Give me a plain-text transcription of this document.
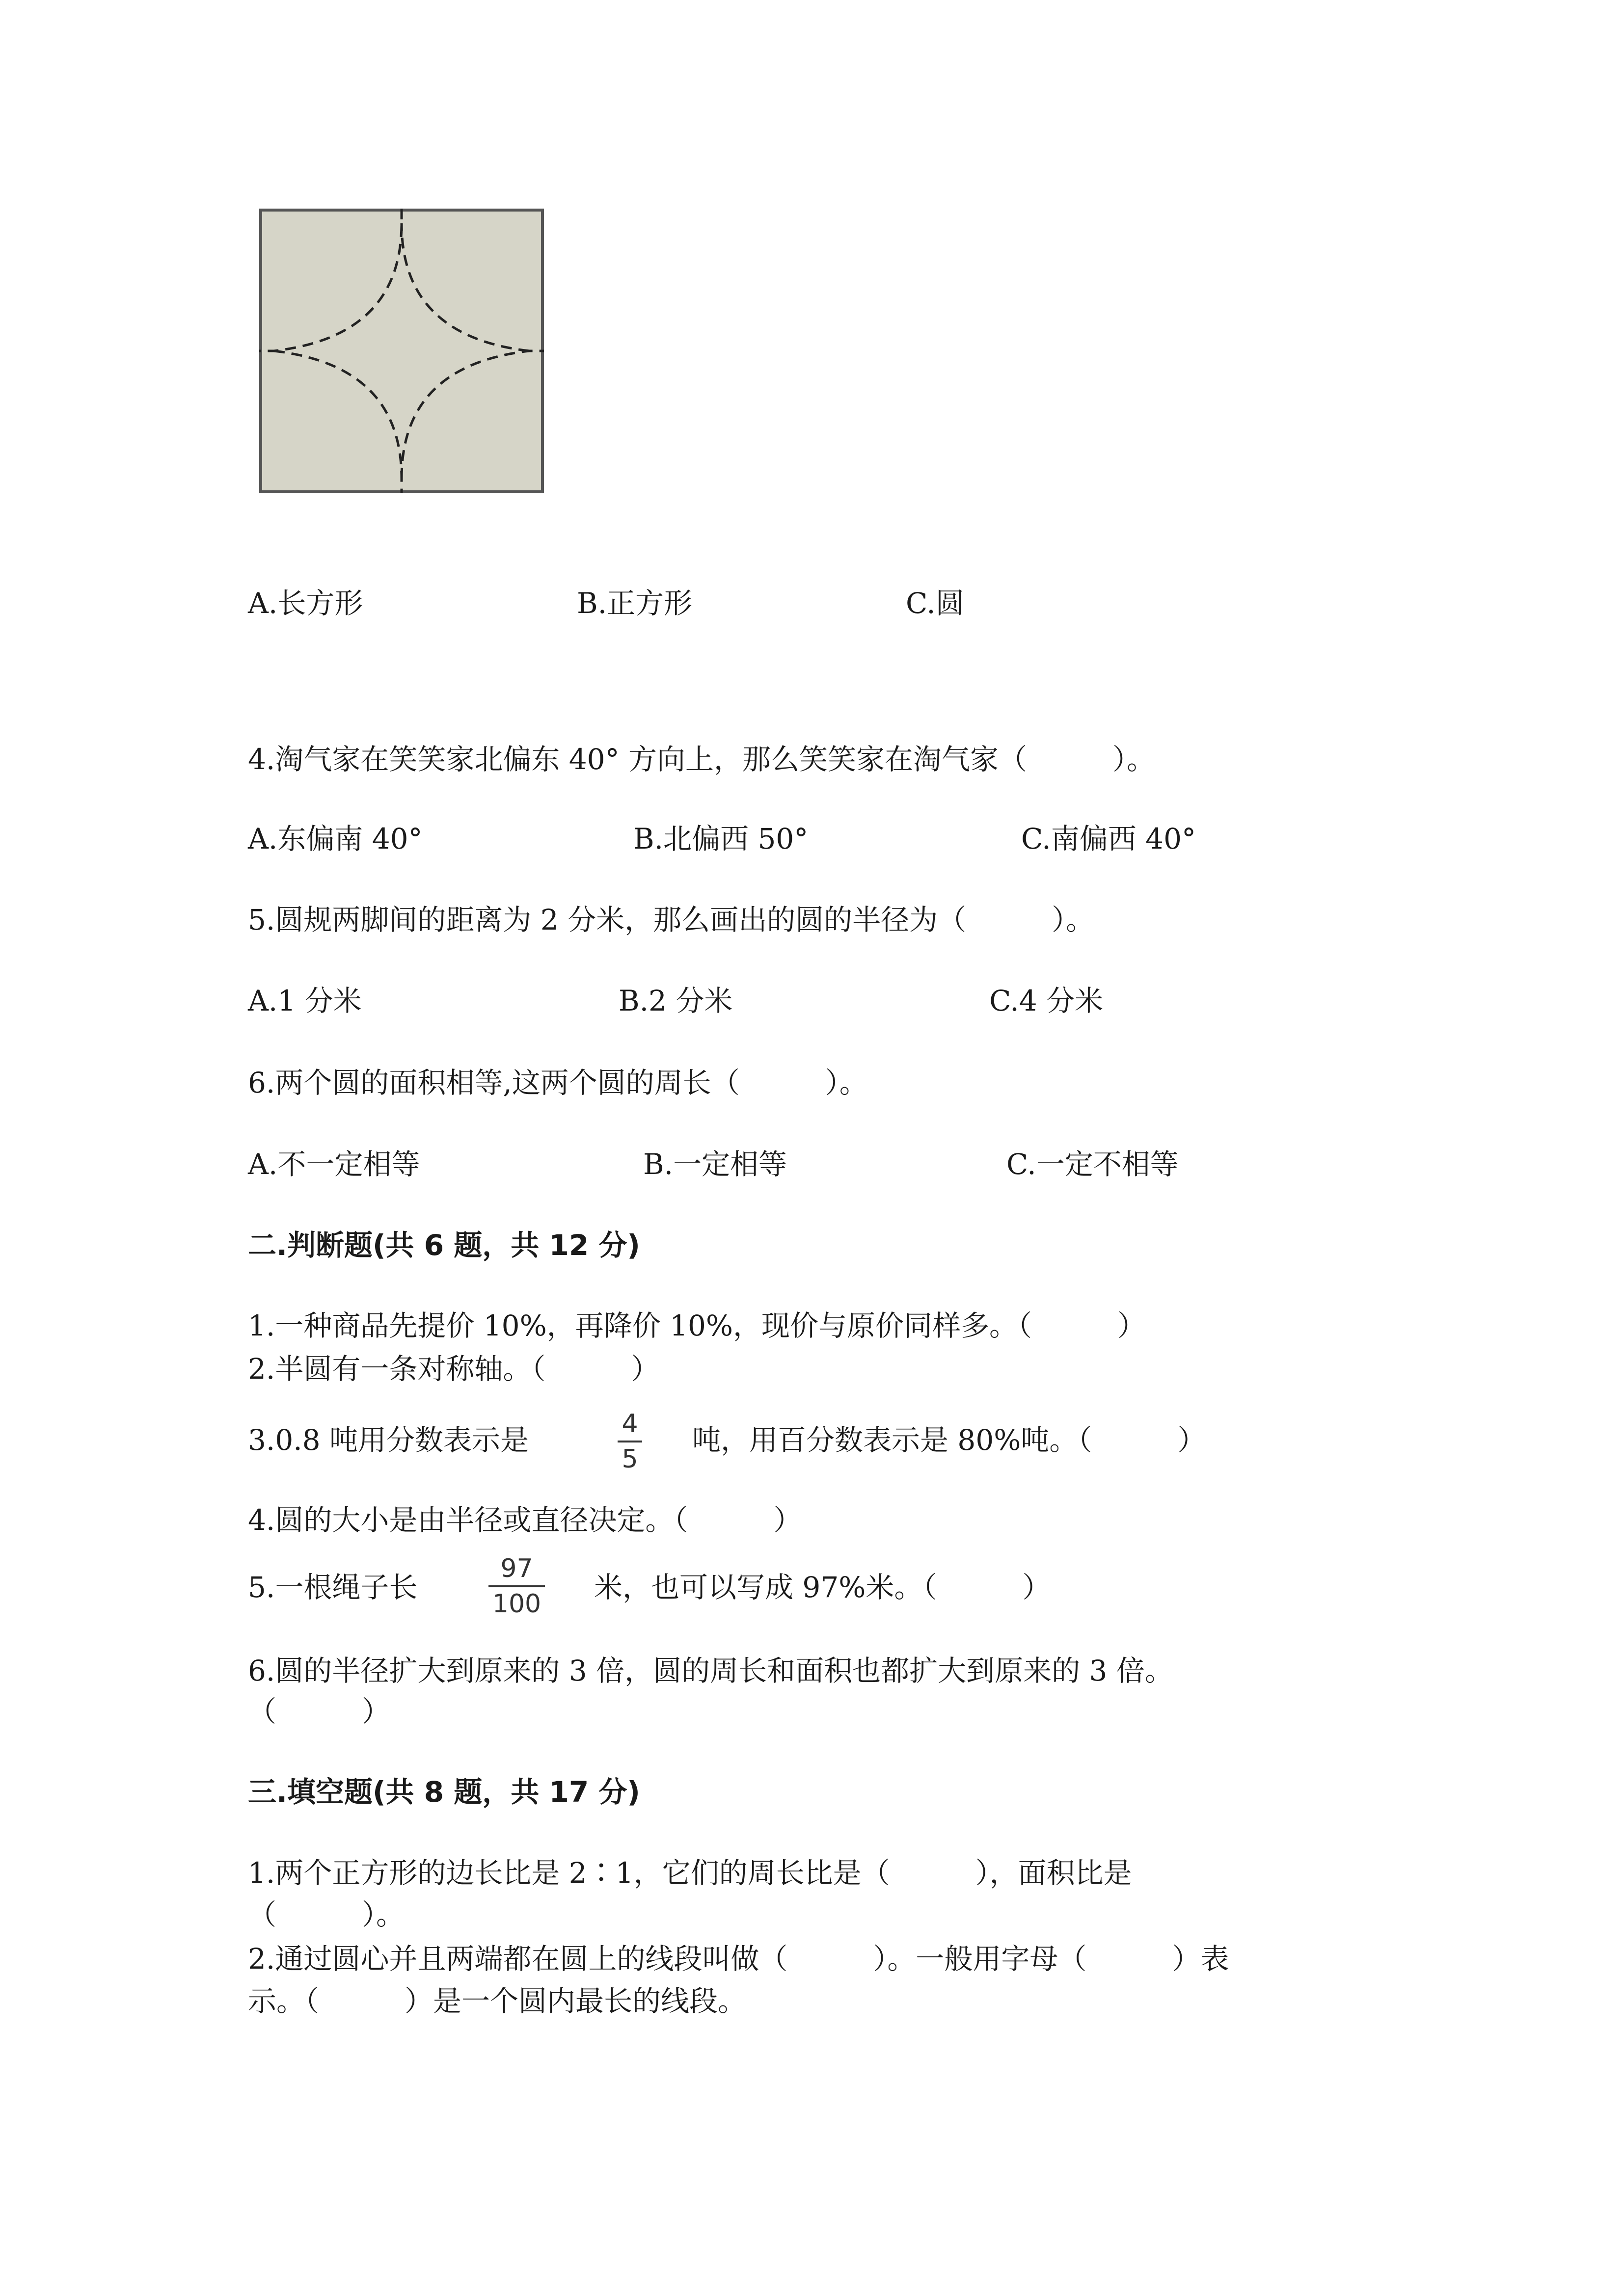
A.长方形	B.正方形	C.圆
4.淘气家在笑笑家北偏东 40° 方向上，那么笑笑家在淘气家（　　　）。
A.东偏南 40°	B.北偏西 50°	C.南偏西 40°
5.圆规两脚间的距离为 2 分米，那么画出的圆的半径为（　　　）。
A.1 分米	B.2 分米	C.4 分米
6.两个圆的面积相等,这两个圆的周长（　　　）。
A.不一定相等	B.一定相等	C.一定不相等
二.判断题(共 6 题，共 12 分)
1.一种商品先提价 10%，再降价 10%，现价与原价同样多。（　　　）
2.半圆有一条对称轴。（　　　）
3.0.8 吨用分数表示是	4
5
吨，用百分数表示是 80%吨。（　　　）
4.圆的大小是由半径或直径决定。（　　　）
5.一根绳子长
97
100 米，也可以写成 97%米。（　　　）
6.圆的半径扩大到原来的 3 倍，圆的周长和面积也都扩大到原来的 3 倍。
（　　　）
三.填空题(共 8 题，共 17 分)
1.两个正方形的边长比是 2∶1，它们的周长比是（　　　），面积比是
（　　　）。
2.通过圆心并且两端都在圆上的线段叫做（　　　）。一般用字母（　　　）表
示。（　　　）是一个圆内最长的线段。
